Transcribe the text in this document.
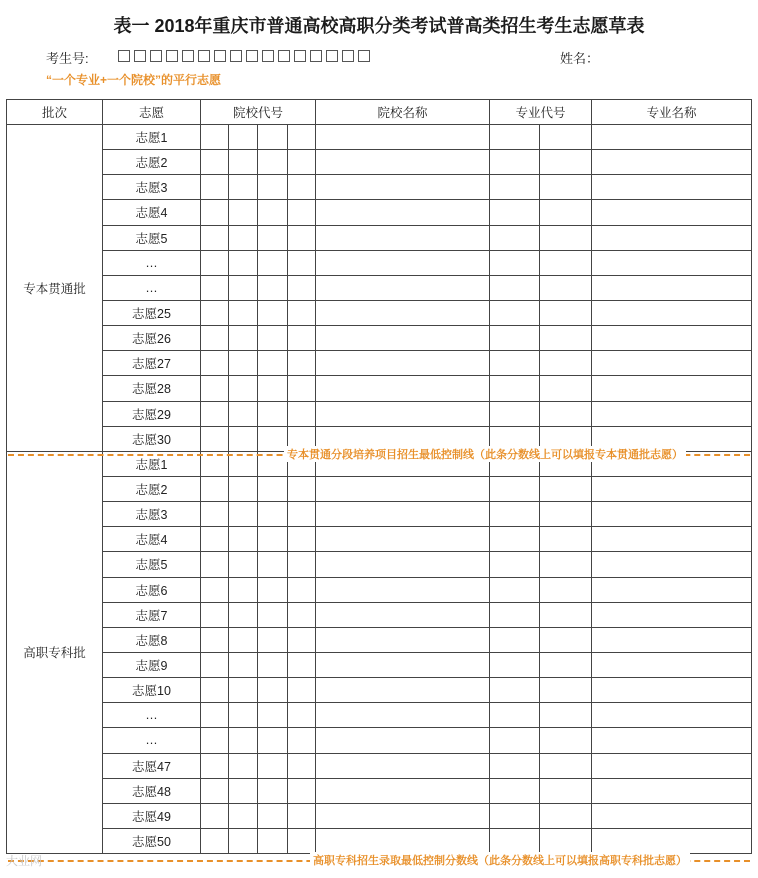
表一 2018年重庆市普通高校高职分类考试普高类招生考生志愿草表
考生号:	姓名：
“一个专业+一个院校”的平行志愿
批次	志愿	院校代号				院校名称	专业代号		专业名称
专本贯通批	志愿1								
	志愿2								
	志愿3								
	志愿4								
	志愿5								
	…								
	…								
	志愿25								
	志愿26								
	志愿27								
	志愿28								
	志愿29								
	志愿30								
高职专科批	志愿1								
	志愿2								
	志愿3								
	志愿4								
	志愿5								
	志愿6								
	志愿7								
	志愿8								
	志愿9								
	志愿10								
	…								
	…								
	志愿47								
	志愿48								
	志愿49								
	志愿50								
专本贯通分段培养项目招生最低控制线（此条分数线上可以填报专本贯通批志愿）
高职专科招生录取最低控制分数线（此条分数线上可以填报高职专科批志愿）
大业网
